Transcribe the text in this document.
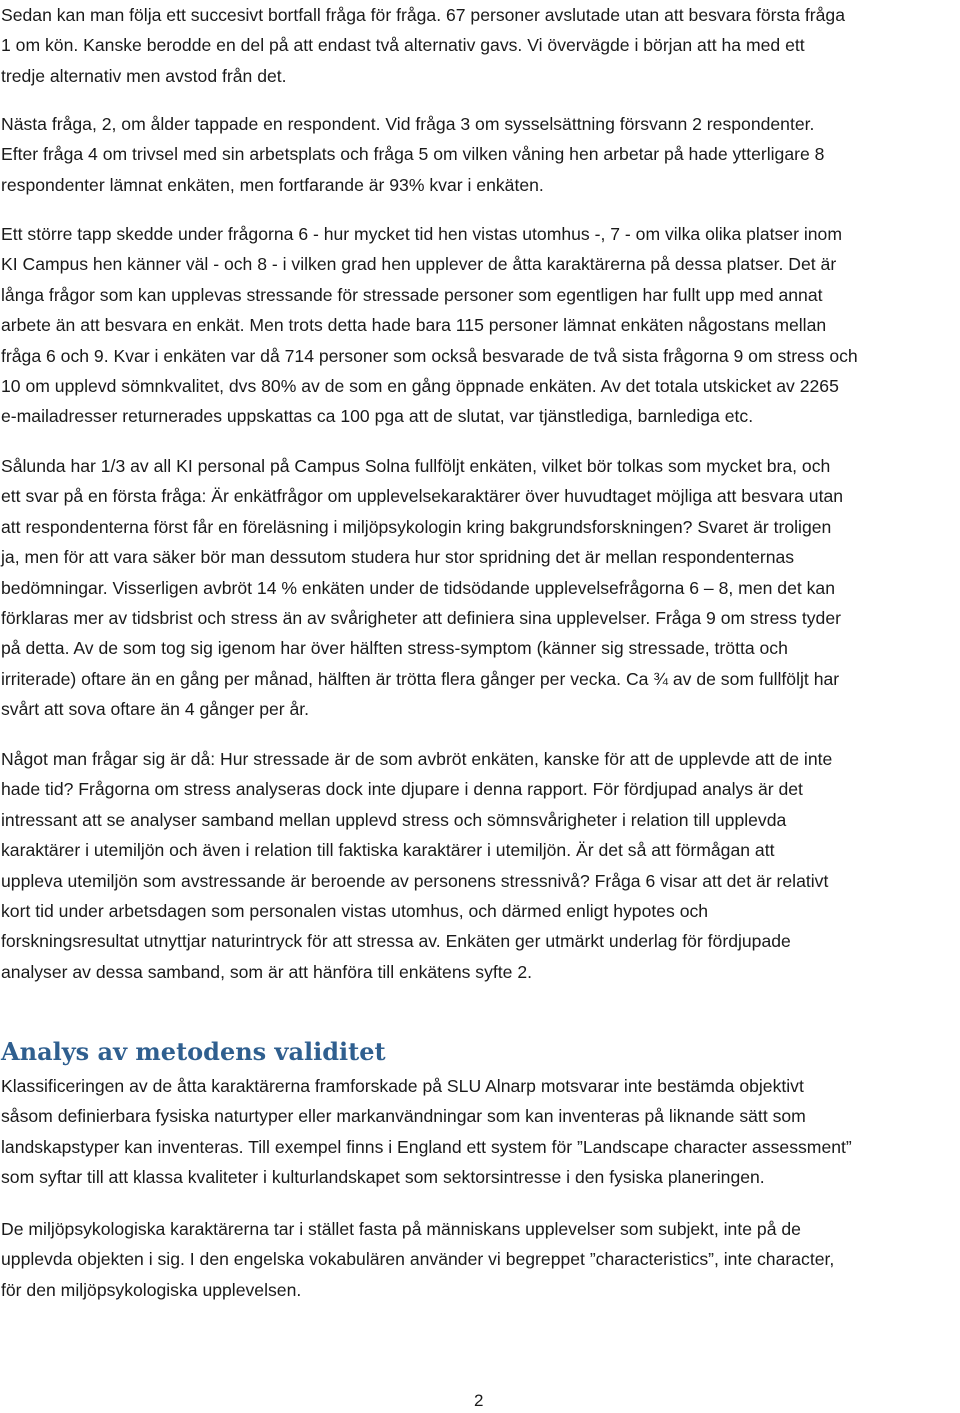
Sedan kan man följa ett succesivt bortfall fråga för fråga. 67 personer avslutade utan att besvara första fråga
1 om kön. Kanske berodde en del på att endast två alternativ gavs. Vi övervägde i början att ha med ett
tredje alternativ men avstod från det.

Nästa fråga, 2, om ålder tappade en respondent. Vid fråga 3 om sysselsättning försvann 2 respondenter.
Efter fråga 4 om trivsel med sin arbetsplats och fråga 5 om vilken våning hen arbetar på hade ytterligare 8
respondenter lämnat enkäten, men fortfarande är 93% kvar i enkäten.

Ett större tapp skedde under frågorna 6 - hur mycket tid hen vistas utomhus -, 7 - om vilka olika platser inom
KI Campus hen känner väl - och 8 - i vilken grad hen upplever de åtta karaktärerna på dessa platser. Det är
långa frågor som kan upplevas stressande för stressade personer som egentligen har fullt upp med annat
arbete än att besvara en enkät. Men trots detta hade bara 115 personer lämnat enkäten någostans mellan
fråga 6 och 9. Kvar i enkäten var då 714 personer som också besvarade de två sista frågorna 9 om stress och
10 om upplevd sömnkvalitet, dvs 80% av de som en gång öppnade enkäten. Av det totala utskicket av 2265
e-mailadresser returnerades uppskattas ca 100 pga att de slutat, var tjänstlediga, barnlediga etc.

Sålunda har 1/3 av all KI personal på Campus Solna fullföljt enkäten, vilket bör tolkas som mycket bra, och
ett svar på en första fråga: Är enkätfrågor om upplevelsekaraktärer över huvudtaget möjliga att besvara utan
att respondenterna först får en föreläsning i miljöpsykologin kring bakgrundsforskningen? Svaret är troligen
ja, men för att vara säker bör man dessutom studera hur stor spridning det är mellan respondenternas
bedömningar. Visserligen avbröt 14 % enkäten under de tidsödande upplevelsefrågorna 6 – 8, men det kan
förklaras mer av tidsbrist och stress än av svårigheter att definiera sina upplevelser. Fråga 9 om stress tyder
på detta. Av de som tog sig igenom har över hälften stress-symptom (känner sig stressade, trötta och
irriterade) oftare än en gång per månad, hälften är trötta flera gånger per vecka. Ca ¾ av de som fullföljt har
svårt att sova oftare än 4 gånger per år.

Något man frågar sig är då: Hur stressade är de som avbröt enkäten, kanske för att de upplevde att de inte
hade tid? Frågorna om stress analyseras dock inte djupare i denna rapport. För fördjupad analys är det
intressant att se analyser samband mellan upplevd stress och sömnsvårigheter i relation till upplevda
karaktärer i utemiljön och även i relation till faktiska karaktärer i utemiljön. Är det så att förmågan att
uppleva utemiljön som avstressande är beroende av personens stressnivå? Fråga 6 visar att det är relativt
kort tid under arbetsdagen som personalen vistas utomhus, och därmed enligt hypotes och
forskningsresultat utnyttjar naturintryck för att stressa av. Enkäten ger utmärkt underlag för fördjupade
analyser av dessa samband, som är att hänföra till enkätens syfte 2.

Analys av metodens validitet

Klassificeringen av de åtta karaktärerna framforskade på SLU Alnarp motsvarar inte bestämda objektivt
såsom definierbara fysiska naturtyper eller markanvändningar som kan inventeras på liknande sätt som
landskapstyper kan inventeras. Till exempel finns i England ett system för ”Landscape character assessment”
som syftar till att klassa kvaliteter i kulturlandskapet som sektorsintresse i den fysiska planeringen.

De miljöpsykologiska karaktärerna tar i stället fasta på människans upplevelser som subjekt, inte på de
upplevda objekten i sig. I den engelska vokabulären använder vi begreppet ”characteristics”, inte character,
för den miljöpsykologiska upplevelsen.

2
